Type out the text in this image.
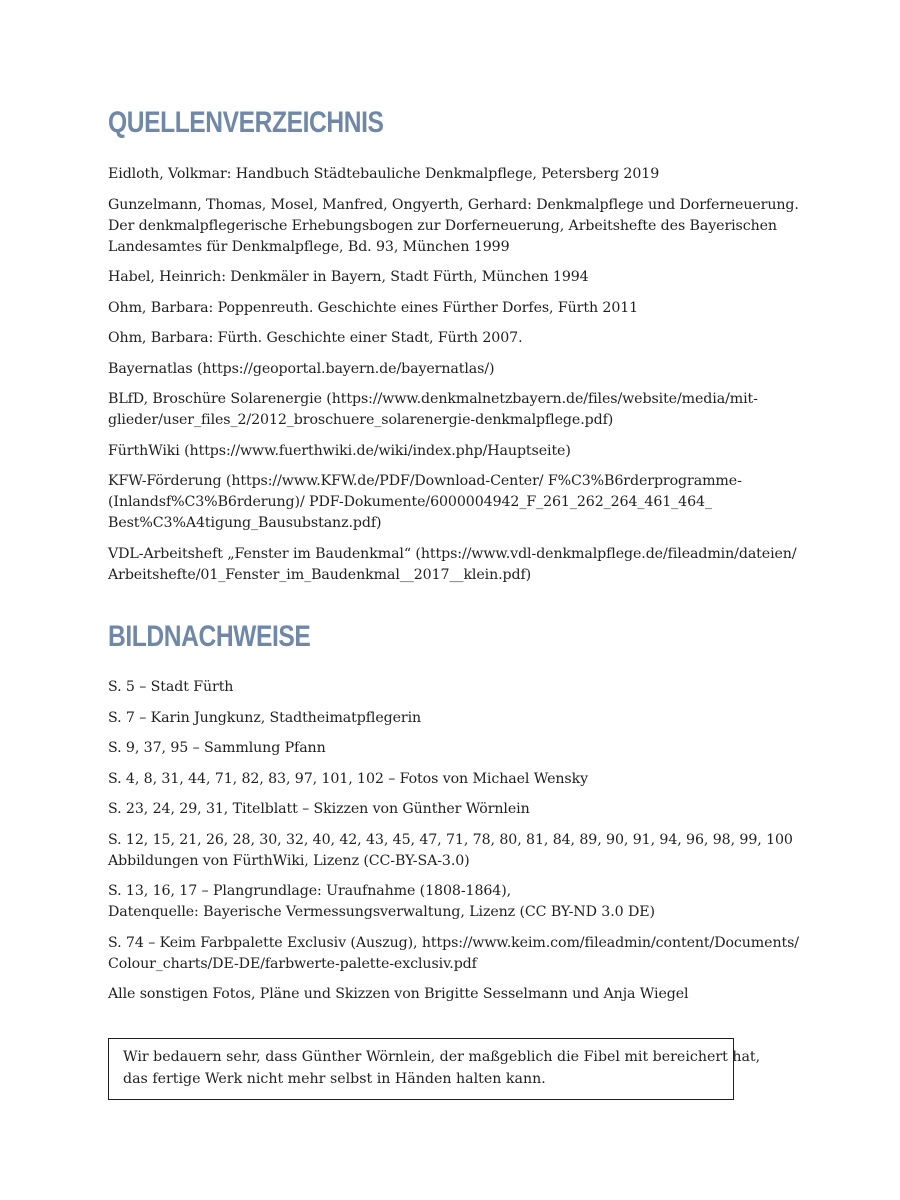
QUELLENVERZEICHNIS
Eidloth, Volkmar: Handbuch Städtebauliche Denkmalpflege, Petersberg 2019
Gunzelmann, Thomas, Mosel, Manfred, Ongyerth, Gerhard: Denkmalpflege und Dorferneuerung.
Der denkmalpflegerische Erhebungsbogen zur Dorferneuerung, Arbeitshefte des Bayerischen
Landesamtes für Denkmalpflege, Bd. 93, München 1999
Habel, Heinrich: Denkmäler in Bayern, Stadt Fürth, München 1994
Ohm, Barbara: Poppenreuth. Geschichte eines Fürther Dorfes, Fürth 2011
Ohm, Barbara: Fürth. Geschichte einer Stadt, Fürth 2007.
Bayernatlas (https://geoportal.bayern.de/bayernatlas/)
BLfD, Broschüre Solarenergie (https://www.denkmalnetzbayern.de/files/website/media/mit-
glieder/user_files_2/2012_broschuere_solarenergie-denkmalpflege.pdf)
FürthWiki (https://www.fuerthwiki.de/wiki/index.php/Hauptseite)
KFW-Förderung (https://www.KFW.de/PDF/Download-Center/ F%C3%B6rderprogramme-
(Inlandsf%C3%B6rderung)/ PDF-Dokumente/6000004942_F_261_262_264_461_464_
Best%C3%A4tigung_Bausubstanz.pdf)
VDL-Arbeitsheft „Fenster im Baudenkmal“ (https://www.vdl-denkmalpflege.de/fileadmin/dateien/
Arbeitshefte/01_Fenster_im_Baudenkmal__2017__klein.pdf)
BILDNACHWEISE
S. 5 – Stadt Fürth
S. 7 – Karin Jungkunz, Stadtheimatpflegerin
S. 9, 37, 95 – Sammlung Pfann
S. 4, 8, 31, 44, 71, 82, 83, 97, 101, 102 – Fotos von Michael Wensky
S. 23, 24, 29, 31, Titelblatt – Skizzen von Günther Wörnlein
S. 12, 15, 21, 26, 28, 30, 32, 40, 42, 43, 45, 47, 71, 78, 80, 81, 84, 89, 90, 91, 94, 96, 98, 99, 100
Abbildungen von FürthWiki, Lizenz (CC-BY-SA-3.0)
S. 13, 16, 17 – Plangrundlage: Uraufnahme (1808-1864),
Datenquelle: Bayerische Vermessungsverwaltung, Lizenz (CC BY-ND 3.0 DE)
S. 74 – Keim Farbpalette Exclusiv (Auszug), https://www.keim.com/fileadmin/content/Documents/
Colour_charts/DE-DE/farbwerte-palette-exclusiv.pdf
Alle sonstigen Fotos, Pläne und Skizzen von Brigitte Sesselmann und Anja Wiegel
Wir bedauern sehr, dass Günther Wörnlein, der maßgeblich die Fibel mit bereichert hat,
das fertige Werk nicht mehr selbst in Händen halten kann.
